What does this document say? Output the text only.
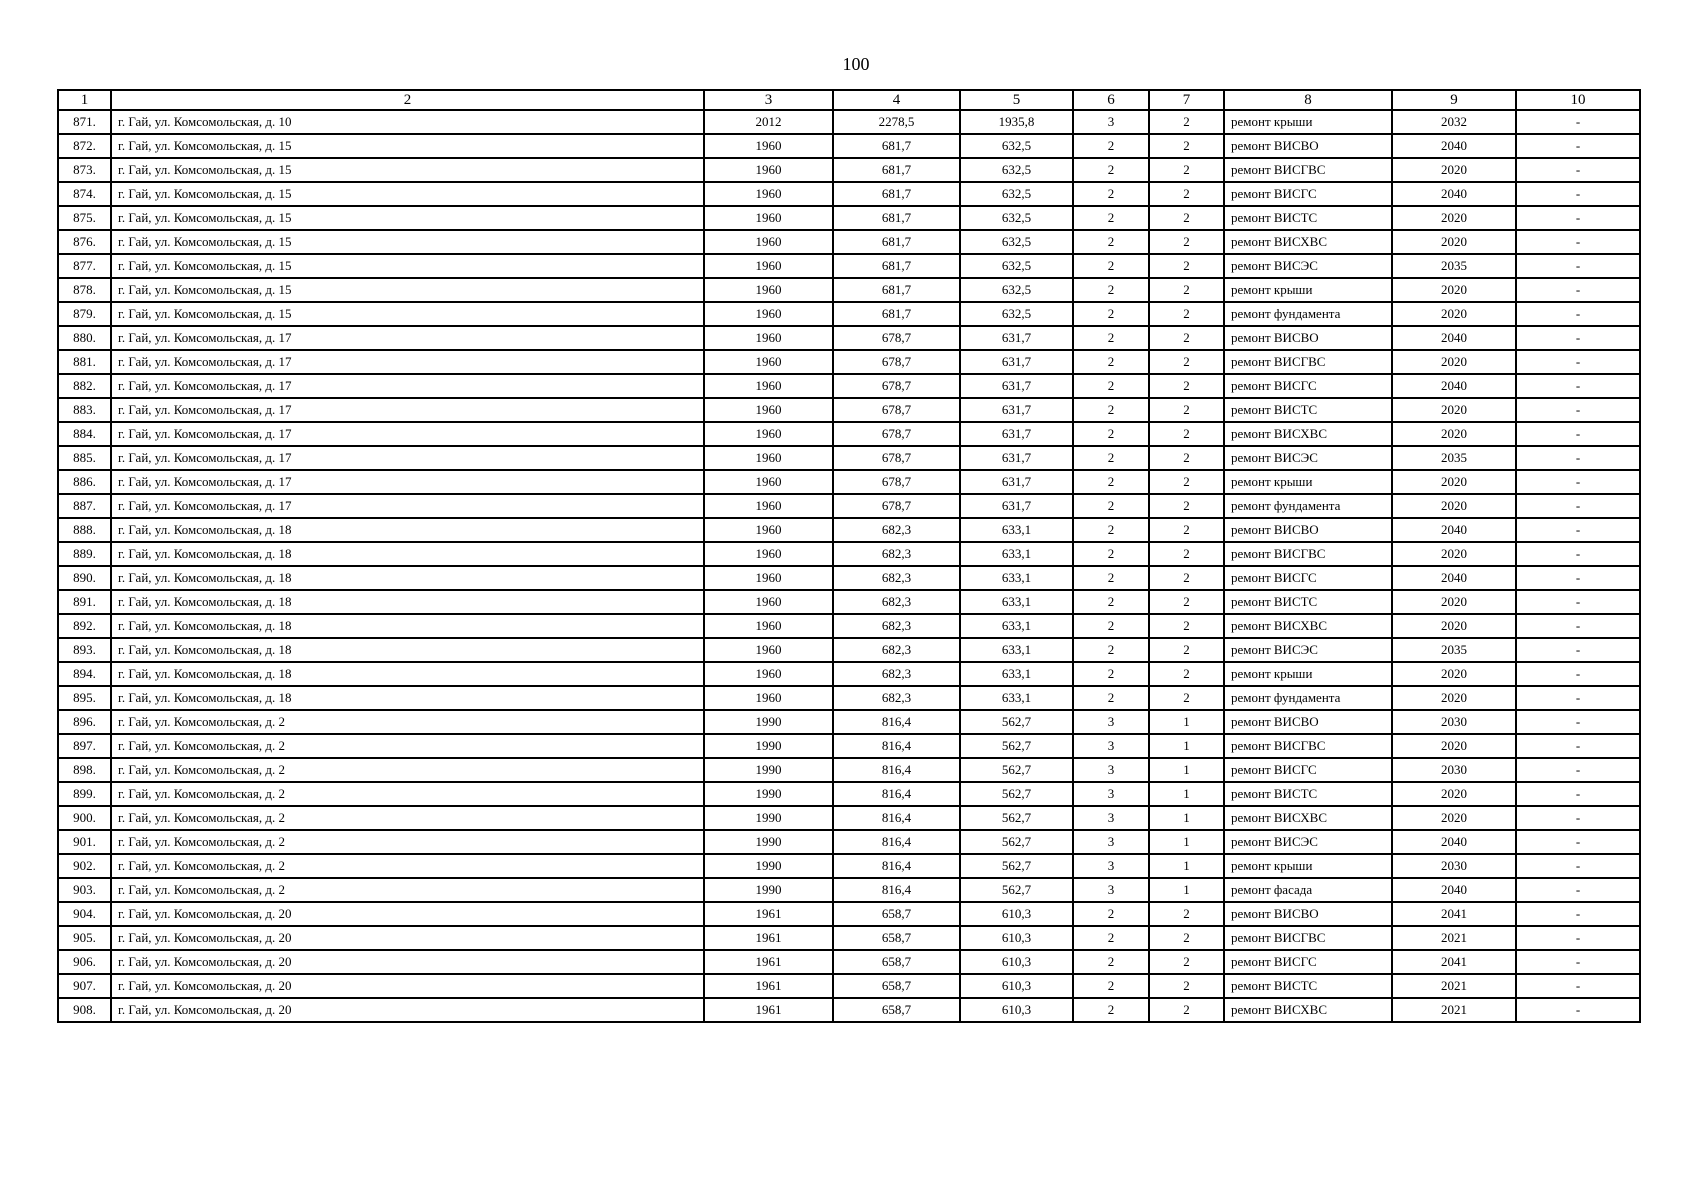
100
1	2	3	4	5	6	7	8	9	10
871.	г. Гай, ул. Комсомольская, д. 10	2012	2278,5	1935,8	3	2	ремонт крыши	2032	-
872.	г. Гай, ул. Комсомольская, д. 15	1960	681,7	632,5	2	2	ремонт ВИСВО	2040	-
873.	г. Гай, ул. Комсомольская, д. 15	1960	681,7	632,5	2	2	ремонт ВИСГВС	2020	-
874.	г. Гай, ул. Комсомольская, д. 15	1960	681,7	632,5	2	2	ремонт ВИСГС	2040	-
875.	г. Гай, ул. Комсомольская, д. 15	1960	681,7	632,5	2	2	ремонт ВИСТС	2020	-
876.	г. Гай, ул. Комсомольская, д. 15	1960	681,7	632,5	2	2	ремонт ВИСХВС	2020	-
877.	г. Гай, ул. Комсомольская, д. 15	1960	681,7	632,5	2	2	ремонт ВИСЭС	2035	-
878.	г. Гай, ул. Комсомольская, д. 15	1960	681,7	632,5	2	2	ремонт крыши	2020	-
879.	г. Гай, ул. Комсомольская, д. 15	1960	681,7	632,5	2	2	ремонт фундамента	2020	-
880.	г. Гай, ул. Комсомольская, д. 17	1960	678,7	631,7	2	2	ремонт ВИСВО	2040	-
881.	г. Гай, ул. Комсомольская, д. 17	1960	678,7	631,7	2	2	ремонт ВИСГВС	2020	-
882.	г. Гай, ул. Комсомольская, д. 17	1960	678,7	631,7	2	2	ремонт ВИСГС	2040	-
883.	г. Гай, ул. Комсомольская, д. 17	1960	678,7	631,7	2	2	ремонт ВИСТС	2020	-
884.	г. Гай, ул. Комсомольская, д. 17	1960	678,7	631,7	2	2	ремонт ВИСХВС	2020	-
885.	г. Гай, ул. Комсомольская, д. 17	1960	678,7	631,7	2	2	ремонт ВИСЭС	2035	-
886.	г. Гай, ул. Комсомольская, д. 17	1960	678,7	631,7	2	2	ремонт крыши	2020	-
887.	г. Гай, ул. Комсомольская, д. 17	1960	678,7	631,7	2	2	ремонт фундамента	2020	-
888.	г. Гай, ул. Комсомольская, д. 18	1960	682,3	633,1	2	2	ремонт ВИСВО	2040	-
889.	г. Гай, ул. Комсомольская, д. 18	1960	682,3	633,1	2	2	ремонт ВИСГВС	2020	-
890.	г. Гай, ул. Комсомольская, д. 18	1960	682,3	633,1	2	2	ремонт ВИСГС	2040	-
891.	г. Гай, ул. Комсомольская, д. 18	1960	682,3	633,1	2	2	ремонт ВИСТС	2020	-
892.	г. Гай, ул. Комсомольская, д. 18	1960	682,3	633,1	2	2	ремонт ВИСХВС	2020	-
893.	г. Гай, ул. Комсомольская, д. 18	1960	682,3	633,1	2	2	ремонт ВИСЭС	2035	-
894.	г. Гай, ул. Комсомольская, д. 18	1960	682,3	633,1	2	2	ремонт крыши	2020	-
895.	г. Гай, ул. Комсомольская, д. 18	1960	682,3	633,1	2	2	ремонт фундамента	2020	-
896.	г. Гай, ул. Комсомольская, д. 2	1990	816,4	562,7	3	1	ремонт ВИСВО	2030	-
897.	г. Гай, ул. Комсомольская, д. 2	1990	816,4	562,7	3	1	ремонт ВИСГВС	2020	-
898.	г. Гай, ул. Комсомольская, д. 2	1990	816,4	562,7	3	1	ремонт ВИСГС	2030	-
899.	г. Гай, ул. Комсомольская, д. 2	1990	816,4	562,7	3	1	ремонт ВИСТС	2020	-
900.	г. Гай, ул. Комсомольская, д. 2	1990	816,4	562,7	3	1	ремонт ВИСХВС	2020	-
901.	г. Гай, ул. Комсомольская, д. 2	1990	816,4	562,7	3	1	ремонт ВИСЭС	2040	-
902.	г. Гай, ул. Комсомольская, д. 2	1990	816,4	562,7	3	1	ремонт крыши	2030	-
903.	г. Гай, ул. Комсомольская, д. 2	1990	816,4	562,7	3	1	ремонт фасада	2040	-
904.	г. Гай, ул. Комсомольская, д. 20	1961	658,7	610,3	2	2	ремонт ВИСВО	2041	-
905.	г. Гай, ул. Комсомольская, д. 20	1961	658,7	610,3	2	2	ремонт ВИСГВС	2021	-
906.	г. Гай, ул. Комсомольская, д. 20	1961	658,7	610,3	2	2	ремонт ВИСГС	2041	-
907.	г. Гай, ул. Комсомольская, д. 20	1961	658,7	610,3	2	2	ремонт ВИСТС	2021	-
908.	г. Гай, ул. Комсомольская, д. 20	1961	658,7	610,3	2	2	ремонт ВИСХВС	2021	-
